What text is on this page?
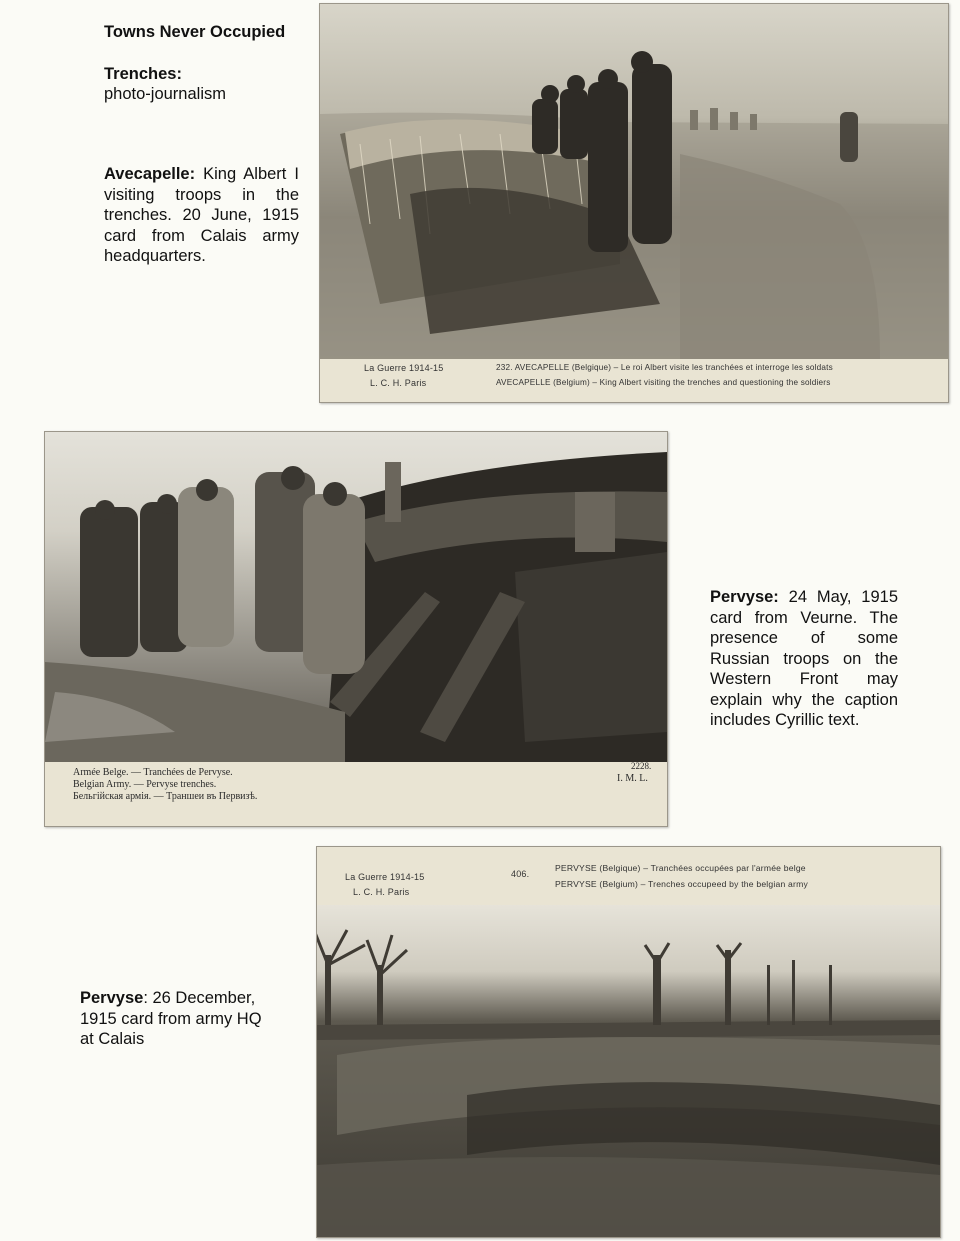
Towns Never Occupied

Trenches:

photo-journalism

Avecapelle: King Albert I visiting troops in the trenches. 20 June, 1915 card from Calais army headquarters.

Pervyse: 24 May, 1915 card from Veurne. The presence of some Russian troops on the Western Front may explain why the caption includes Cyrillic text.

Pervyse: 26 December, 1915 card from army HQ at Calais

La Guerre 1914-15
L. C. H. Paris
232. AVECAPELLE (Belgique) – Le roi Albert visite les tranchées et interroge les soldats
AVECAPELLE (Belgium) – King Albert visiting the trenches and questioning the soldiers
Armée Belge. — Tranchées de Pervyse.
Belgian Army. — Pervyse trenches.
Бельгійская армія. — Траншеи въ Первизѣ.
2228.
I. M. L.
La Guerre 1914-15
L. C. H. Paris
406.
PERVYSE (Belgique) – Tranchées occupées par l'armée belge
PERVYSE (Belgium) – Trenches occupeed by the belgian army
